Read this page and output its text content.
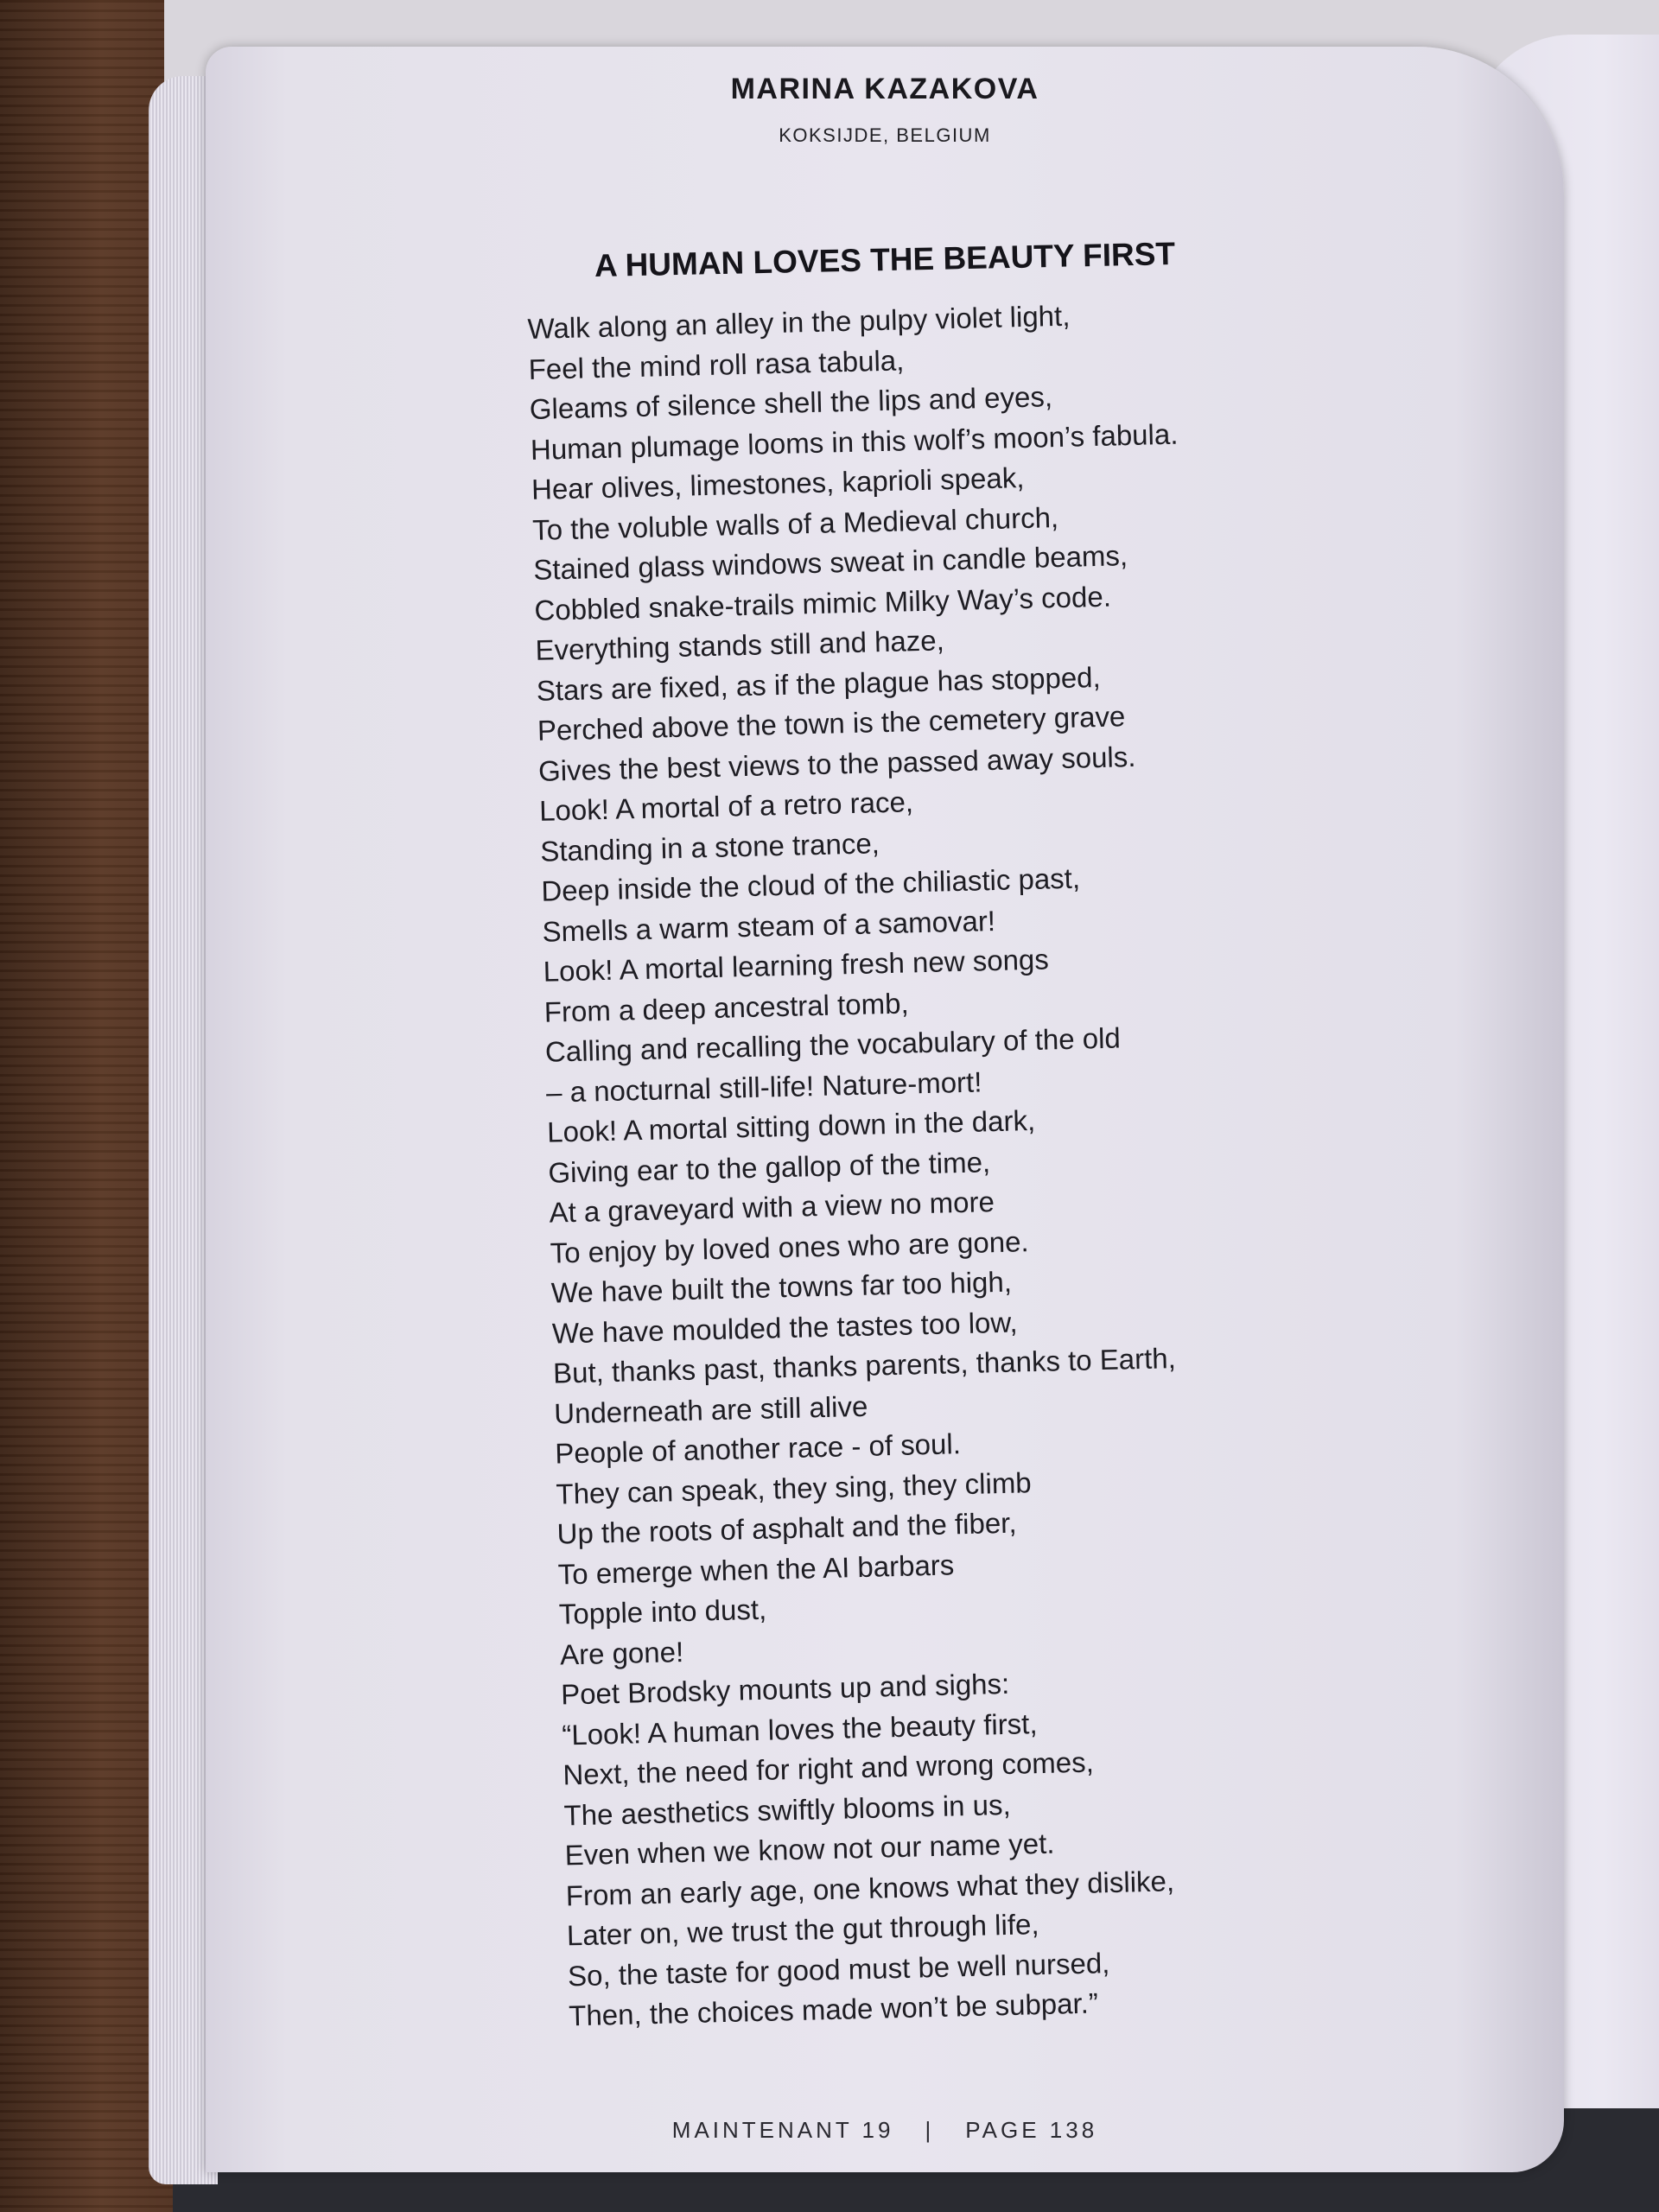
MARINA KAZAKOVA
KOKSIJDE, BELGIUM
A HUMAN LOVES THE BEAUTY FIRST
Walk along an alley in the pulpy violet light,
Feel the mind roll rasa tabula,
Gleams of silence shell the lips and eyes,
Human plumage looms in this wolf’s moon’s fabula.
Hear olives, limestones, kaprioli speak,
To the voluble walls of a Medieval church,
Stained glass windows sweat in candle beams,
Cobbled snake-trails mimic Milky Way’s code.
Everything stands still and haze,
Stars are fixed, as if the plague has stopped,
Perched above the town is the cemetery grave
Gives the best views to the passed away souls.
Look! A mortal of a retro race,
Standing in a stone trance,
Deep inside the cloud of the chiliastic past,
Smells a warm steam of a samovar!
Look! A mortal learning fresh new songs
From a deep ancestral tomb,
Calling and recalling the vocabulary of the old
– a nocturnal still-life! Nature-mort!
Look! A mortal sitting down in the dark,
Giving ear to the gallop of the time,
At a graveyard with a view no more
To enjoy by loved ones who are gone.
We have built the towns far too high,
We have moulded the tastes too low,
But, thanks past, thanks parents, thanks to Earth,
Underneath are still alive
People of another race - of soul.
They can speak, they sing, they climb
Up the roots of asphalt and the fiber,
To emerge when the AI barbars
Topple into dust,
Are gone!
Poet Brodsky mounts up and sighs:
“Look! A human loves the beauty first,
Next, the need for right and wrong comes,
The aesthetics swiftly blooms in us,
Even when we know not our name yet.
From an early age, one knows what they dislike,
Later on, we trust the gut through life,
So, the taste for good must be well nursed,
Then, the choices made won’t be subpar.”
MAINTENANT 19 | PAGE 138
